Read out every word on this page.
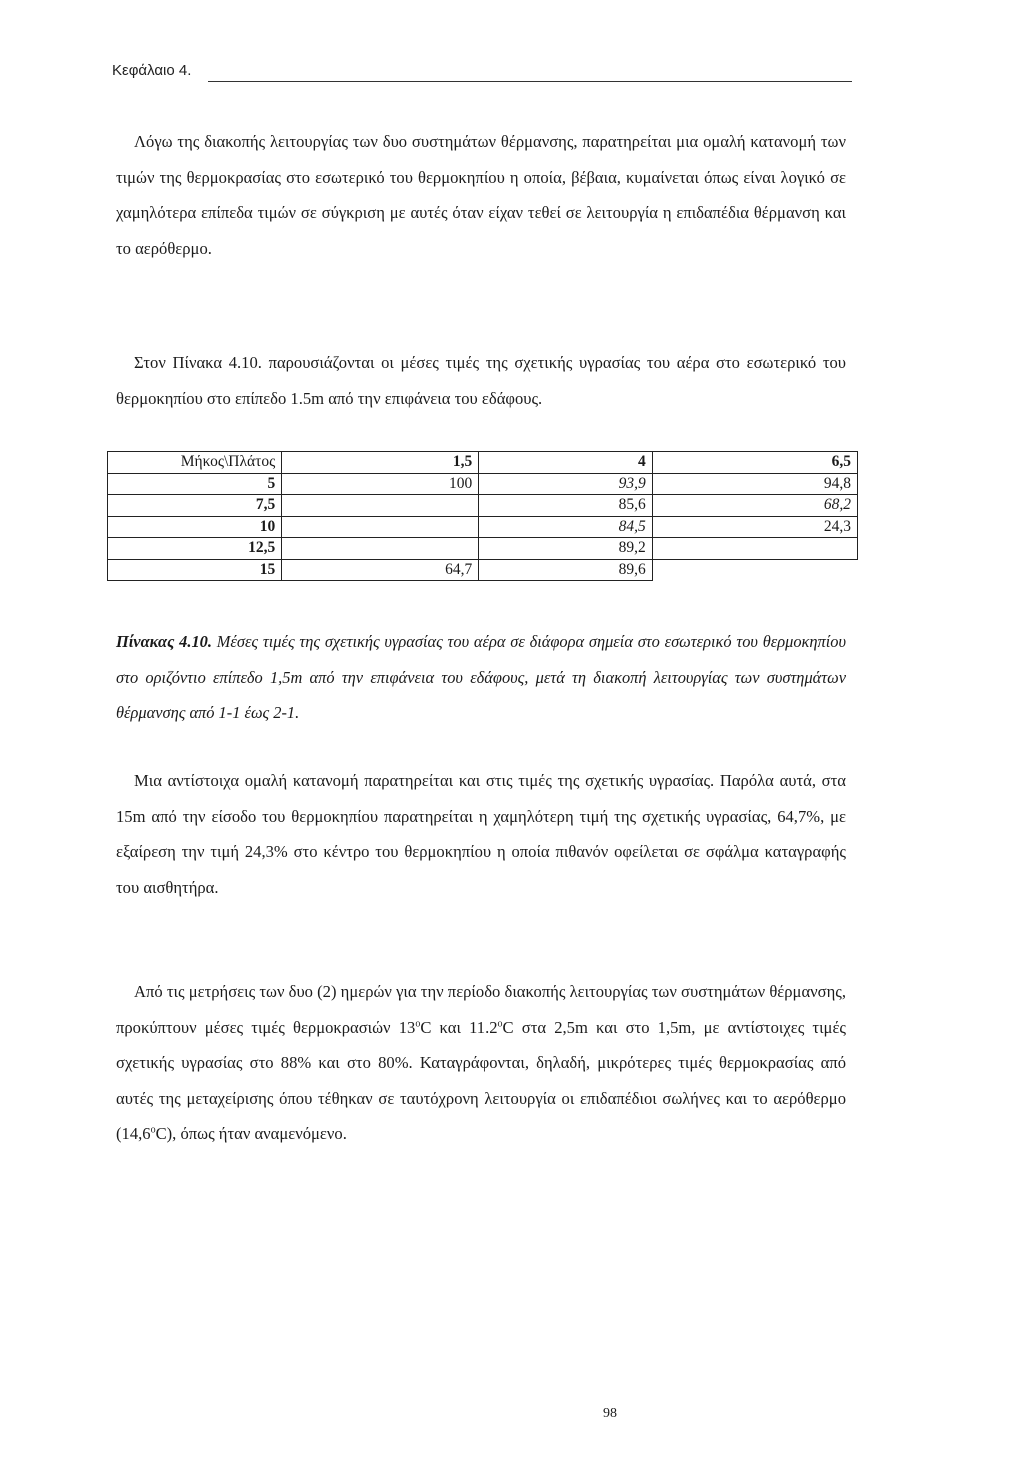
Κεφάλαιο 4.

Λόγω της διακοπής λειτουργίας των δυο συστημάτων θέρμανσης, παρατηρείται μια ομαλή κατανομή των τιμών της θερμοκρασίας στο εσωτερικό του θερμοκηπίου η οποία, βέβαια, κυμαίνεται όπως είναι λογικό σε χαμηλότερα επίπεδα τιμών σε σύγκριση με αυτές όταν είχαν τεθεί σε λειτουργία η επιδαπέδια θέρμανση και το αερόθερμο.

Στον Πίνακα 4.10. παρουσιάζονται οι μέσες τιμές της σχετικής υγρασίας του αέρα στο εσωτερικό του θερμοκηπίου στο επίπεδο 1.5m από την επιφάνεια του εδάφους.

Μήκος\Πλάτος	1,5	4	6,5
5	100	93,9	94,8
7,5		85,6	68,2
10		84,5	24,3
12,5		89,2	
15	64,7	89,6	

Πίνακας 4.10. Μέσες τιμές της σχετικής υγρασίας του αέρα σε διάφορα σημεία στο εσωτερικό του θερμοκηπίου στο οριζόντιο επίπεδο 1,5m από την επιφάνεια του εδάφους, μετά τη διακοπή λειτουργίας των συστημάτων θέρμανσης από 1-1 έως 2-1.

Μια αντίστοιχα ομαλή κατανομή παρατηρείται και στις τιμές της σχετικής υγρασίας. Παρόλα αυτά, στα 15m από την είσοδο του θερμοκηπίου παρατηρείται η χαμηλότερη τιμή της σχετικής υγρασίας, 64,7%, με εξαίρεση την τιμή 24,3% στο κέντρο του θερμοκηπίου η οποία πιθανόν οφείλεται σε σφάλμα καταγραφής του αισθητήρα.

Από τις μετρήσεις των δυο (2) ημερών για την περίοδο διακοπής λειτουργίας των συστημάτων θέρμανσης, προκύπτουν μέσες τιμές θερμοκρασιών 13$^o$C και 11.2$^o$C στα 2,5m και στο 1,5m, με αντίστοιχες τιμές σχετικής υγρασίας στο 88% και στο 80%. Καταγράφονται, δηλαδή, μικρότερες τιμές θερμοκρασίας από αυτές της μεταχείρισης όπου τέθηκαν σε ταυτόχρονη λειτουργία οι επιδαπέδιοι σωλήνες και το αερόθερμο (14,6$^o$C), όπως ήταν αναμενόμενο.

98
